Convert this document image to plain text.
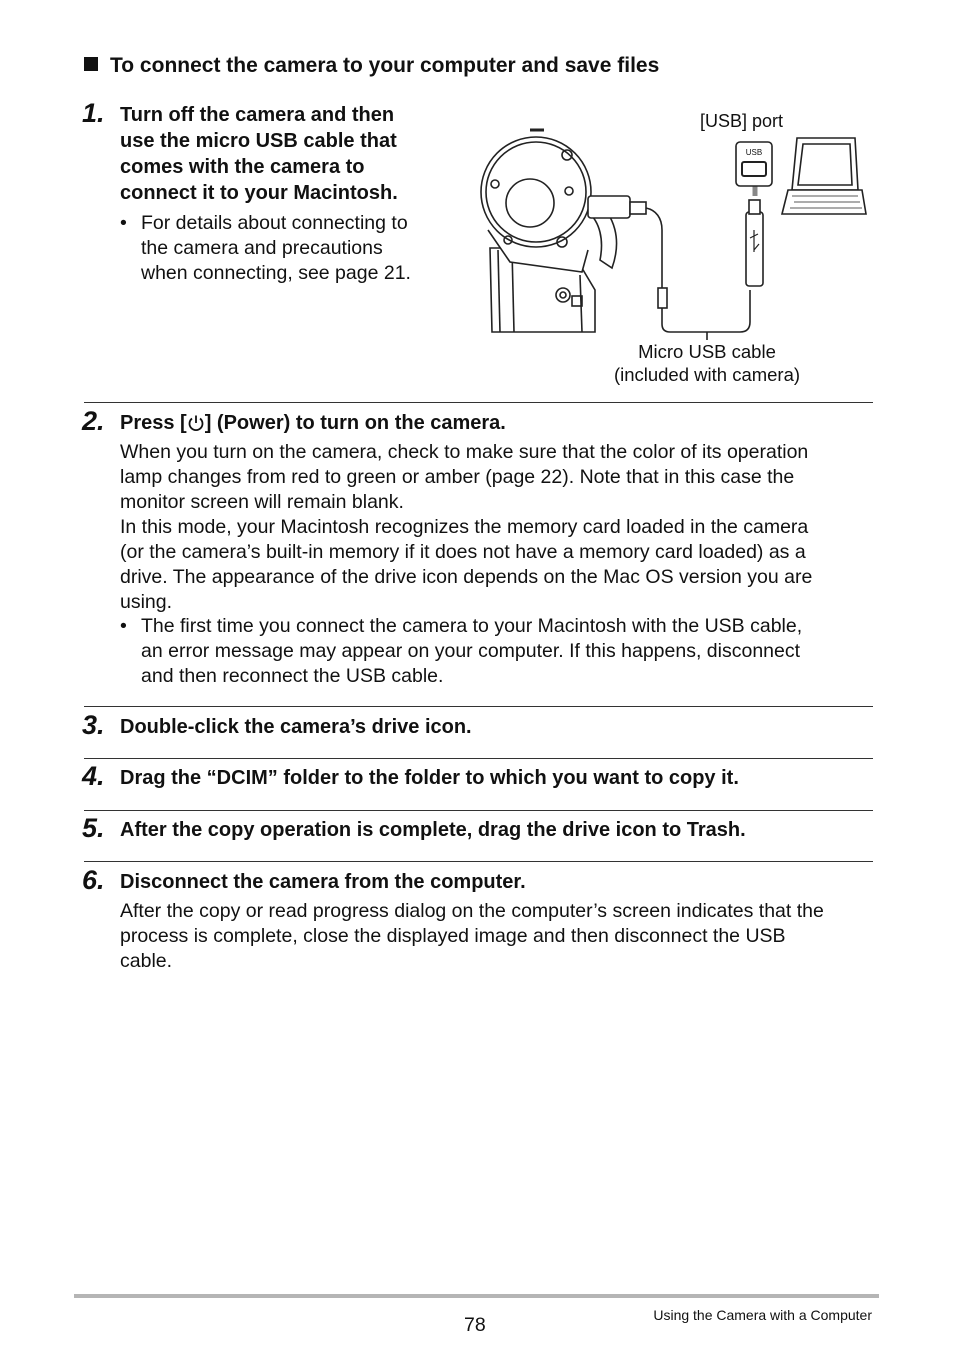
To connect the camera to your computer and save files
1. Turn off the camera and then
use the micro USB cable that
comes with the camera to
connect it to your Macintosh.
• For details about connecting to
the camera and precautions
when connecting, see page 21.
USB
[USB] port
Micro USB cable
(included with camera)
2. Press [ ] (Power) to turn on the camera.
When you turn on the camera, check to make sure that the color of its operation
lamp changes from red to green or amber (page 22). Note that in this case the
monitor screen will remain blank.
In this mode, your Macintosh recognizes the memory card loaded in the camera
(or the camera’s built-in memory if it does not have a memory card loaded) as a
drive. The appearance of the drive icon depends on the Mac OS version you are
using.
• The first time you connect the camera to your Macintosh with the USB cable,
an error message may appear on your computer. If this happens, disconnect
and then reconnect the USB cable.
3. Double-click the camera’s drive icon.
4. Drag the “DCIM” folder to the folder to which you want to copy it.
5. After the copy operation is complete, drag the drive icon to Trash.
6. Disconnect the camera from the computer.
After the copy or read progress dialog on the computer’s screen indicates that the
process is complete, close the displayed image and then disconnect the USB
cable.
78	Using the Camera with a Computer
